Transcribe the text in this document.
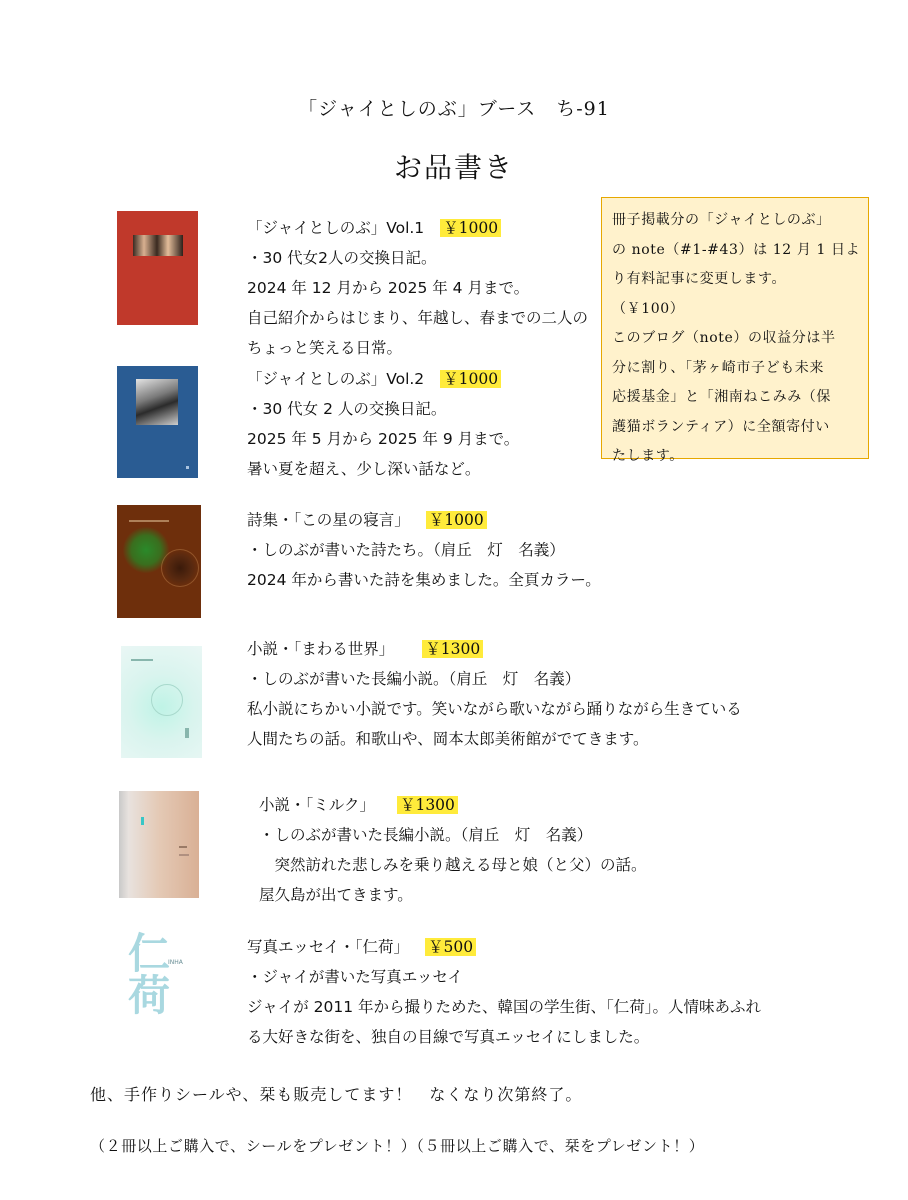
「ジャイとしのぶ」ブース　ち-91
お品書き
仁荷
INHA
「ジャイとしのぶ」Vol.1 ￥1000
・30 代女2人の交換日記。
2024 年 12 月から 2025 年 4 月まで。
自己紹介からはじまり、年越し、春までの二人の
ちょっと笑える日常。
「ジャイとしのぶ」Vol.2 ￥1000
・30 代女 2 人の交換日記。
2025 年 5 月から 2025 年 9 月まで。
暑い夏を超え、少し深い話など。
詩集・「この星の寝言」 ￥1000
・しのぶが書いた詩たち。（肩丘　灯　名義）
2024 年から書いた詩を集めました。全頁カラー。
小説・「まわる世界」 ￥1300
・しのぶが書いた長編小説。（肩丘　灯　名義）
私小説にちかい小説です。笑いながら歌いながら踊りながら生きている
人間たちの話。和歌山や、岡本太郎美術館がでてきます。
小説・「ミルク」 ￥1300
・しのぶが書いた長編小説。（肩丘　灯　名義）
　突然訪れた悲しみを乗り越える母と娘（と父）の話。
屋久島が出てきます。
写真エッセイ・「仁荷」 ￥500
・ジャイが書いた写真エッセイ
ジャイが 2011 年から撮りためた、韓国の学生街、「仁荷」。人情味あふれ
る大好きな街を、独自の目線で写真エッセイにしました。
冊子掲載分の「ジャイとしのぶ」
の note（#1-#43）は 12 月 1 日よ
り有料記事に変更します。
（￥100）
このブログ（note）の収益分は半
分に割り、「茅ヶ崎市子ども未来
応援基金」と「湘南ねこみみ（保
護猫ボランティア）に全額寄付い
たします。
他、手作りシールや、栞も販売してます！　なくなり次第終了。
（２冊以上ご購入で、シールをプレゼント！）（５冊以上ご購入で、栞をプレゼント！）
